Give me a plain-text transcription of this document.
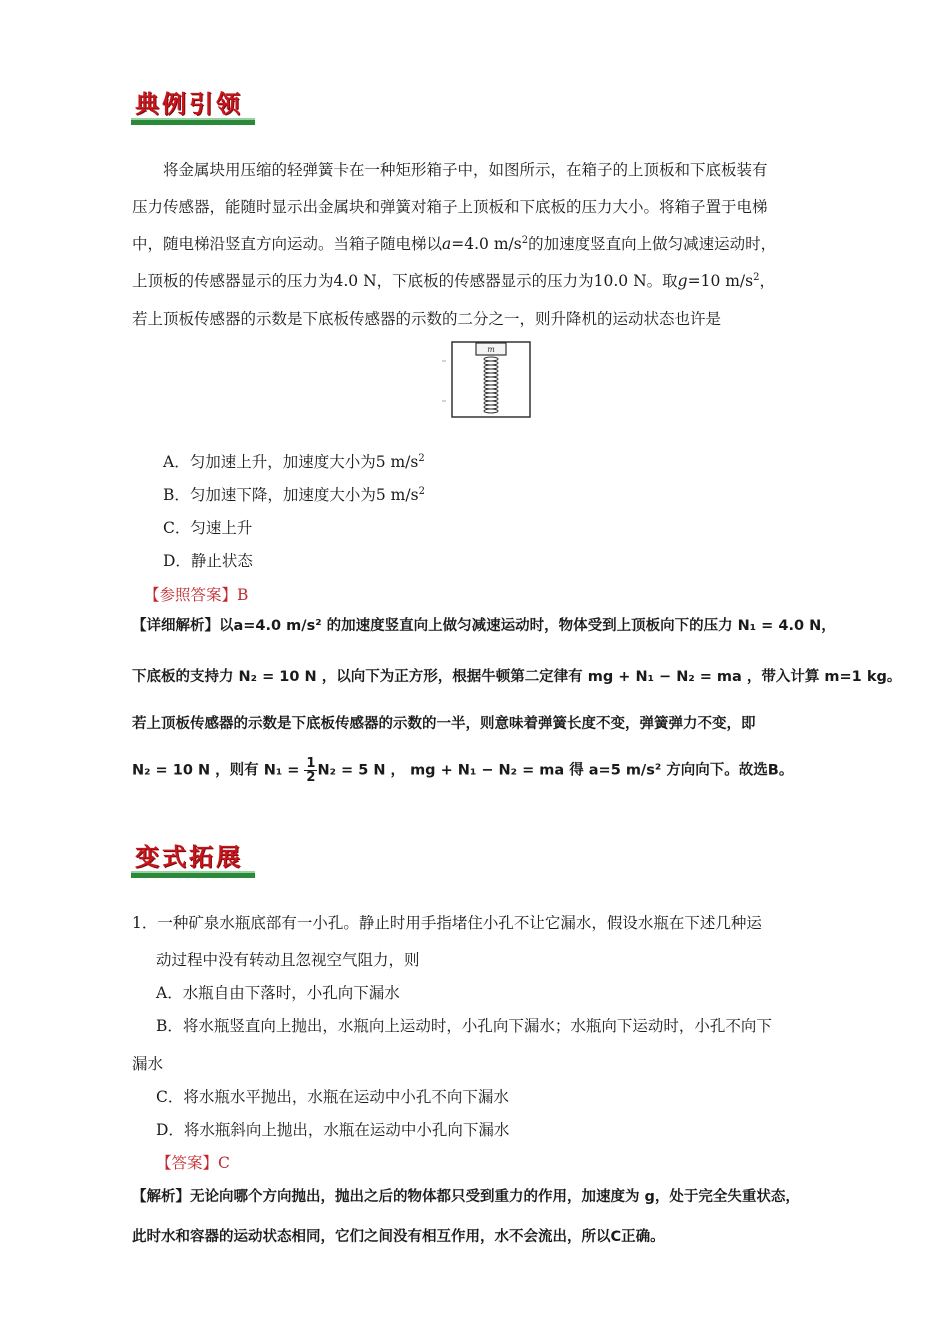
典例引领
将金属块用压缩的轻弹簧卡在一种矩形箱子中，如图所示，在箱子的上顶板和下底板装有
压力传感器，能随时显示出金属块和弹簧对箱子上顶板和下底板的压力大小。将箱子置于电梯
中，随电梯沿竖直方向运动。当箱子随电梯以a=4.0 $m/s^2$的加速度竖直向上做匀减速运动时，
上顶板的传感器显示的压力为4.0 N，下底板的传感器显示的压力为10.0 N。取g=10 $m/s^2$，
若上顶板传感器的示数是下底板传感器的示数的二分之一，则升降机的运动状态也许是
m
A．匀加速上升，加速度大小为5 $m/s^2$
B．匀加速下降，加速度大小为5 $m/s^2$
C．匀速上升
D．静止状态
【参照答案】B
【详细解析】以a=4.0 m/s² 的加速度竖直向上做匀减速运动时，物体受到上顶板向下的压力 N₁ = 4.0 N，
下底板的支持力 N₂ = 10 N ，以向下为正方形，根据牛顿第二定律有 mg + N₁ − N₂ = ma ，带入计算 m=1 kg。
若上顶板传感器的示数是下底板传感器的示数的一半，则意味着弹簧长度不变，弹簧弹力不变，即
N₂ = 10 N ，则有 $N_1 = \frac{1}{2} N_2 = 5$ N ， mg + N₁ − N₂ = ma 得 a=5 m/s² 方向向下。故选B。
变式拓展
1．一种矿泉水瓶底部有一小孔。静止时用手指堵住小孔不让它漏水，假设水瓶在下述几种运
动过程中没有转动且忽视空气阻力，则
A．水瓶自由下落时，小孔向下漏水
B．将水瓶竖直向上抛出，水瓶向上运动时，小孔向下漏水；水瓶向下运动时，小孔不向下
漏水
C．将水瓶水平抛出，水瓶在运动中小孔不向下漏水
D．将水瓶斜向上抛出，水瓶在运动中小孔向下漏水
【答案】C
【解析】无论向哪个方向抛出，抛出之后的物体都只受到重力的作用，加速度为 g，处于完全失重状态，
此时水和容器的运动状态相同，它们之间没有相互作用，水不会流出，所以C正确。
